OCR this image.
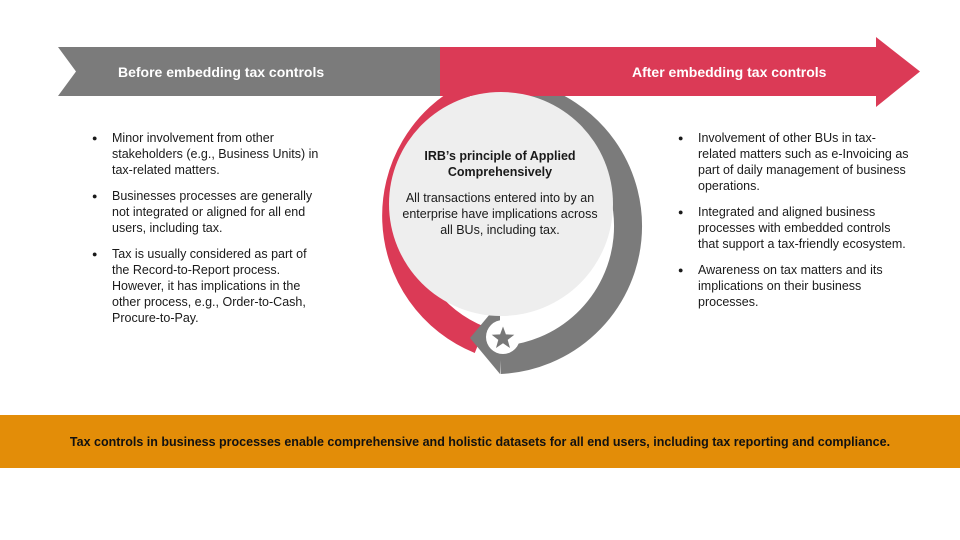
Before embedding tax controls	After embedding tax controls
● Minor involvement from other stakeholders (e.g., Business Units) in tax-related matters.
● Businesses processes are generally not integrated or aligned for all end users, including tax.
● Tax is usually considered as part of the Record-to-Report process. However, it has implications in the other process, e.g., Order-to-Cash, Procure-to-Pay.
IRB’s principle of Applied Comprehensively
All transactions entered into by an enterprise have implications across all BUs, including tax.
● Involvement of other BUs in tax-related matters such as e-Invoicing as part of daily management of business operations.
● Integrated and aligned business processes with embedded controls that support a tax-friendly ecosystem.
● Awareness on tax matters and its implications on their business processes.
Tax controls in business processes enable comprehensive and holistic datasets for all end users, including tax reporting and compliance.
